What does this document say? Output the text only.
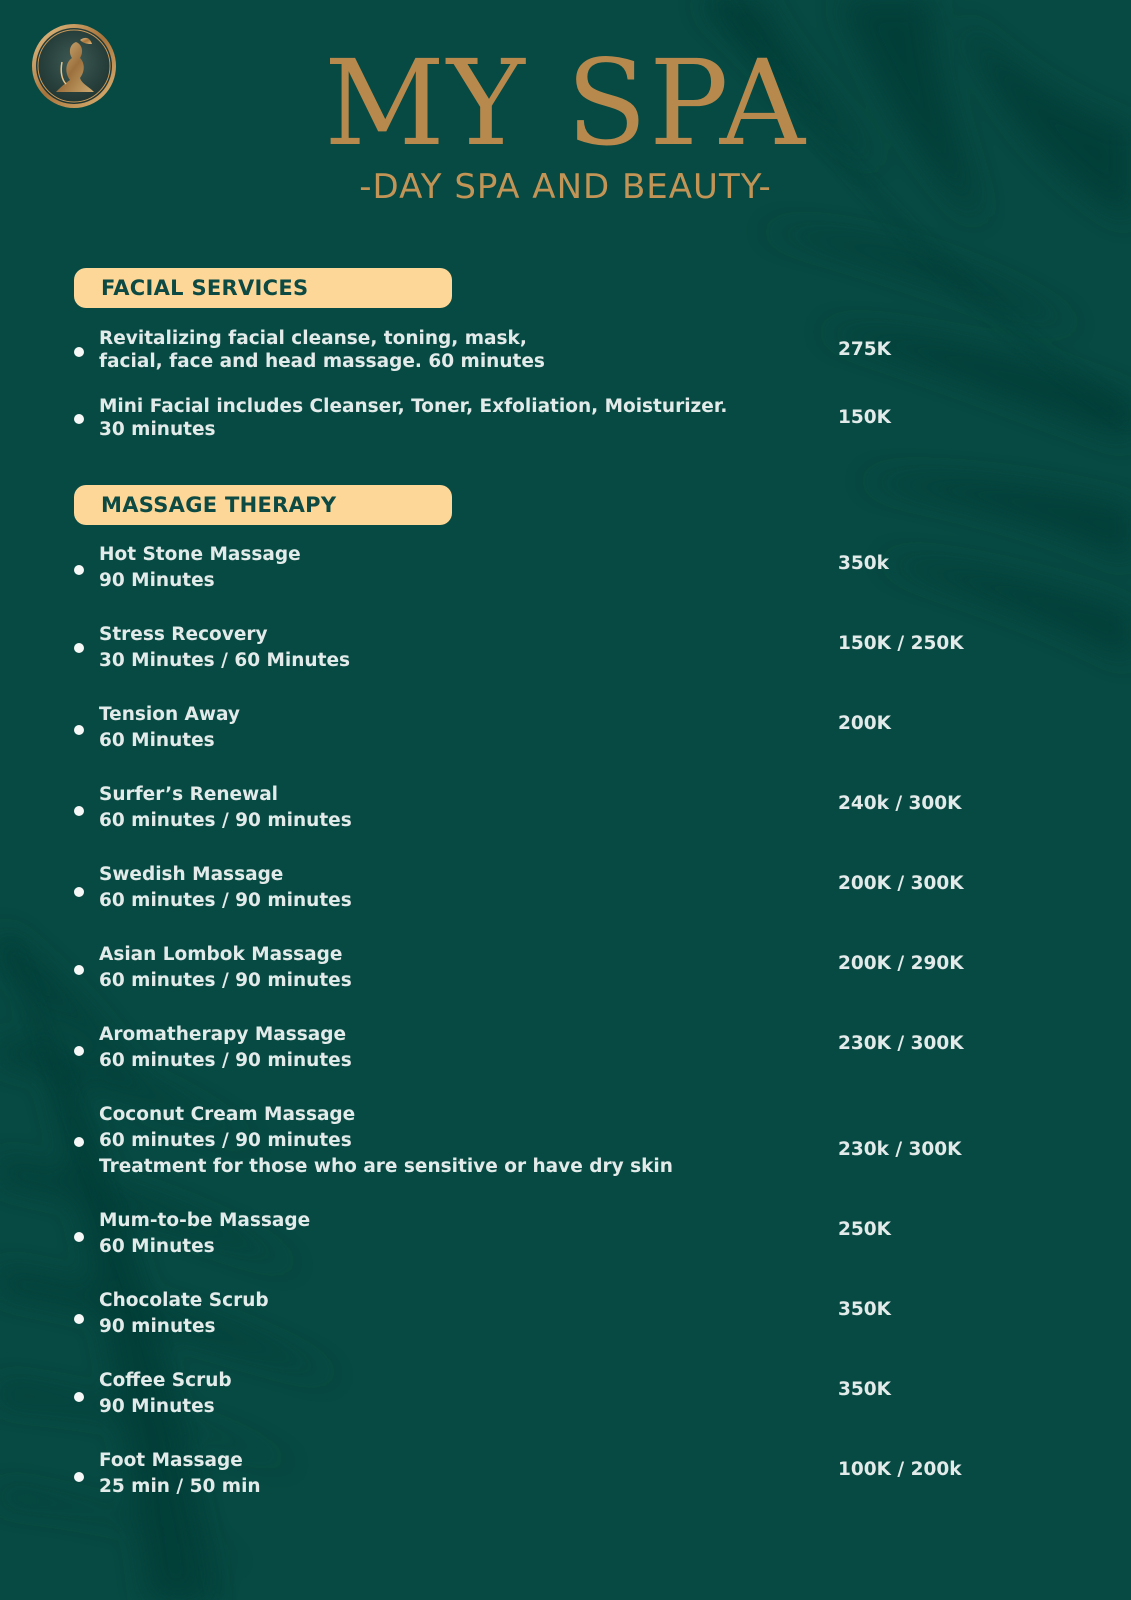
MY SPA
-DAY SPA AND BEAUTY-
FACIAL SERVICES
Revitalizing facial cleanse, toning, mask,
facial, face and head massage. 60 minutes
275K
Mini Facial includes Cleanser, Toner, Exfoliation, Moisturizer.
30 minutes
150K
MASSAGE THERAPY
Hot Stone Massage
90 Minutes
350k
Stress Recovery
30 Minutes / 60 Minutes
150K / 250K
Tension Away
60 Minutes
200K
Surfer’s Renewal
60 minutes / 90 minutes
240k / 300K
Swedish Massage
60 minutes / 90 minutes
200K / 300K
Asian Lombok Massage
60 minutes / 90 minutes
200K / 290K
Aromatherapy Massage
60 minutes / 90 minutes
230K / 300K
Coconut Cream Massage
60 minutes / 90 minutes
Treatment for those who are sensitive or have dry skin
230k / 300K
Mum-to-be Massage
60 Minutes
250K
Chocolate Scrub
90 minutes
350K
Coffee Scrub
90 Minutes
350K
Foot Massage
25 min / 50 min
100K / 200k
